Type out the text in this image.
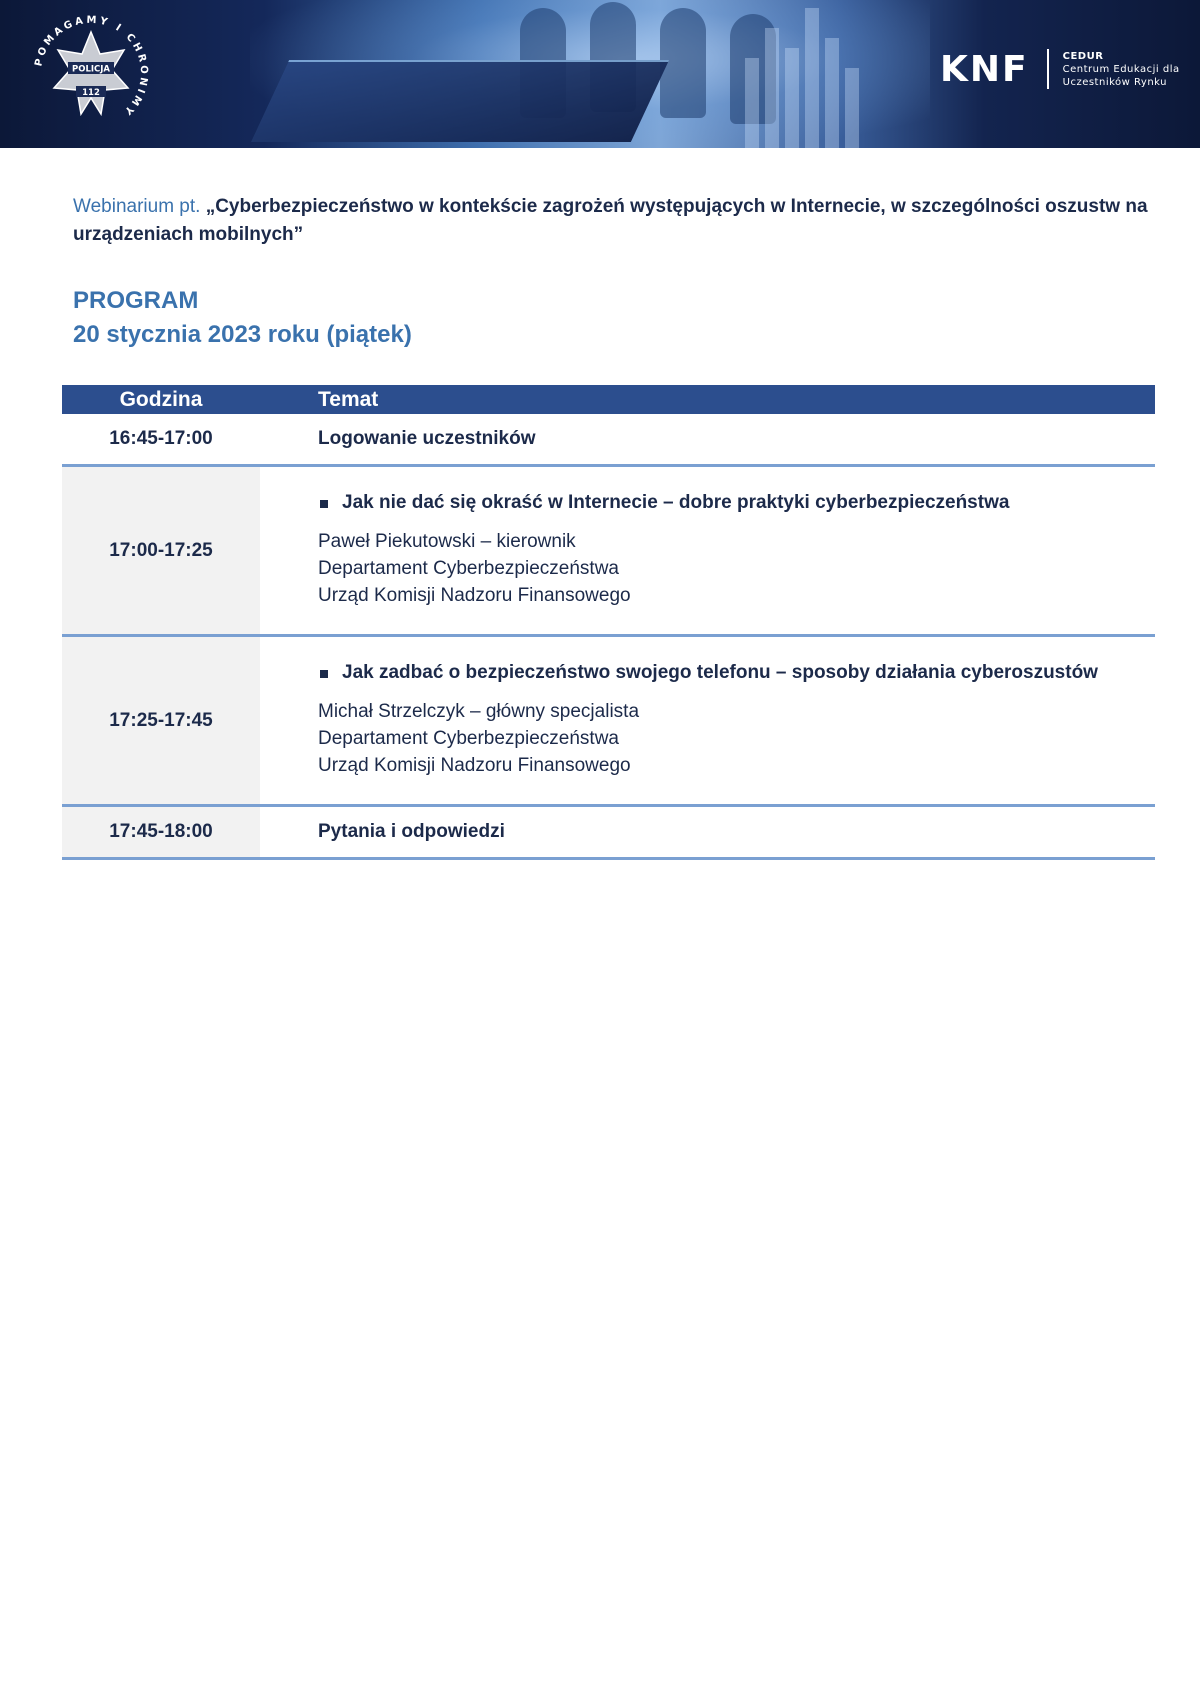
POMAGAMY I CHRONIMY
POLICJA
112
KNF	CEDUR
Centrum Edukacji dla
Uczestników Rynku
Webinarium pt. „Cyberbezpieczeństwo w kontekście zagrożeń występujących w Internecie, w szczególności oszustw na urządzeniach mobilnych”
PROGRAM
20 stycznia 2023 roku (piątek)
Godzina	Temat
16:45-17:00	Logowanie uczestników
17:00-17:25	Jak nie dać się okraść w Internecie – dobre praktyki cyberbezpieczeństwa
Paweł Piekutowski – kierownik
Departament Cyberbezpieczeństwa
Urząd Komisji Nadzoru Finansowego

17:25-17:45	Jak zadbać o bezpieczeństwo swojego telefonu – sposoby działania cyberoszustów
Michał Strzelczyk – główny specjalista
Departament Cyberbezpieczeństwa
Urząd Komisji Nadzoru Finansowego

17:45-18:00	Pytania i odpowiedzi
